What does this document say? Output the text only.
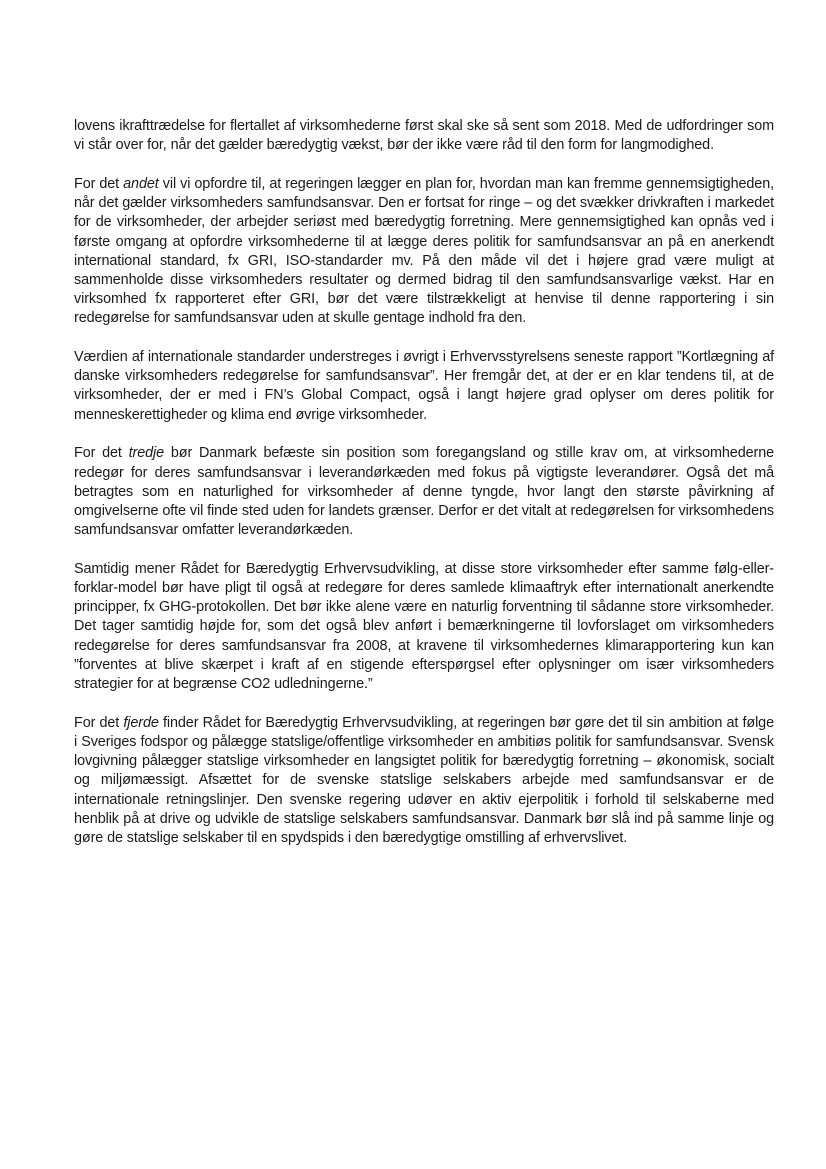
lovens ikrafttrædelse for flertallet af virksomhederne først skal ske så sent som 2018. Med de udfordringer som vi står over for, når det gælder bæredygtig vækst, bør der ikke være råd til den form for langmodighed.

For det andet vil vi opfordre til, at regeringen lægger en plan for, hvordan man kan fremme gennemsigtigheden, når det gælder virksomheders samfundsansvar. Den er fortsat for ringe – og det svækker drivkraften i markedet for de virksomheder, der arbejder seriøst med bæredygtig forretning. Mere gennemsigtighed kan opnås ved i første omgang at opfordre virksomhederne til at lægge deres politik for samfundsansvar an på en anerkendt international standard, fx GRI, ISO-standarder mv. På den måde vil det i højere grad være muligt at sammenholde disse virksomheders resultater og dermed bidrag til den samfundsansvarlige vækst. Har en virksomhed fx rapporteret efter GRI, bør det være tilstrækkeligt at henvise til denne rapportering i sin redegørelse for samfundsansvar uden at skulle gentage indhold fra den.

Værdien af internationale standarder understreges i øvrigt i Erhvervsstyrelsens seneste rapport ”Kortlægning af danske virksomheders redegørelse for samfundsansvar”. Her fremgår det, at der er en klar tendens til, at de virksomheder, der er med i FN’s Global Compact, også i langt højere grad oplyser om deres politik for menneskerettigheder og klima end øvrige virksomheder.

For det tredje bør Danmark befæste sin position som foregangsland og stille krav om, at virksomhederne redegør for deres samfundsansvar i leverandørkæden med fokus på vigtigste leverandører. Også det må betragtes som en naturlighed for virksomheder af denne tyngde, hvor langt den største påvirkning af omgivelserne ofte vil finde sted uden for landets grænser. Derfor er det vitalt at redegørelsen for virksomhedens samfundsansvar omfatter leverandørkæden.

Samtidig mener Rådet for Bæredygtig Erhvervsudvikling, at disse store virksomheder efter samme følg-eller-forklar-model bør have pligt til også at redegøre for deres samlede klimaaftryk efter internationalt anerkendte principper, fx GHG-protokollen. Det bør ikke alene være en naturlig forventning til sådanne store virksomheder. Det tager samtidig højde for, som det også blev anført i bemærkningerne til lovforslaget om virksomheders redegørelse for deres samfundsansvar fra 2008, at kravene til virksomhedernes klimarapportering kun kan ”forventes at blive skærpet i kraft af en stigende efterspørgsel efter oplysninger om især virksomheders strategier for at begrænse CO2 udledningerne.”

For det fjerde finder Rådet for Bæredygtig Erhvervsudvikling, at regeringen bør gøre det til sin ambition at følge i Sveriges fodspor og pålægge statslige/offentlige virksomheder en ambitiøs politik for samfundsansvar. Svensk lovgivning pålægger statslige virksomheder en langsigtet politik for bæredygtig forretning – økonomisk, socialt og miljømæssigt. Afsættet for de svenske statslige selskabers arbejde med samfundsansvar er de internationale retningslinjer. Den svenske regering udøver en aktiv ejerpolitik i forhold til selskaberne med henblik på at drive og udvikle de statslige selskabers samfundsansvar. Danmark bør slå ind på samme linje og gøre de statslige selskaber til en spydspids i den bæredygtige omstilling af erhvervslivet.
